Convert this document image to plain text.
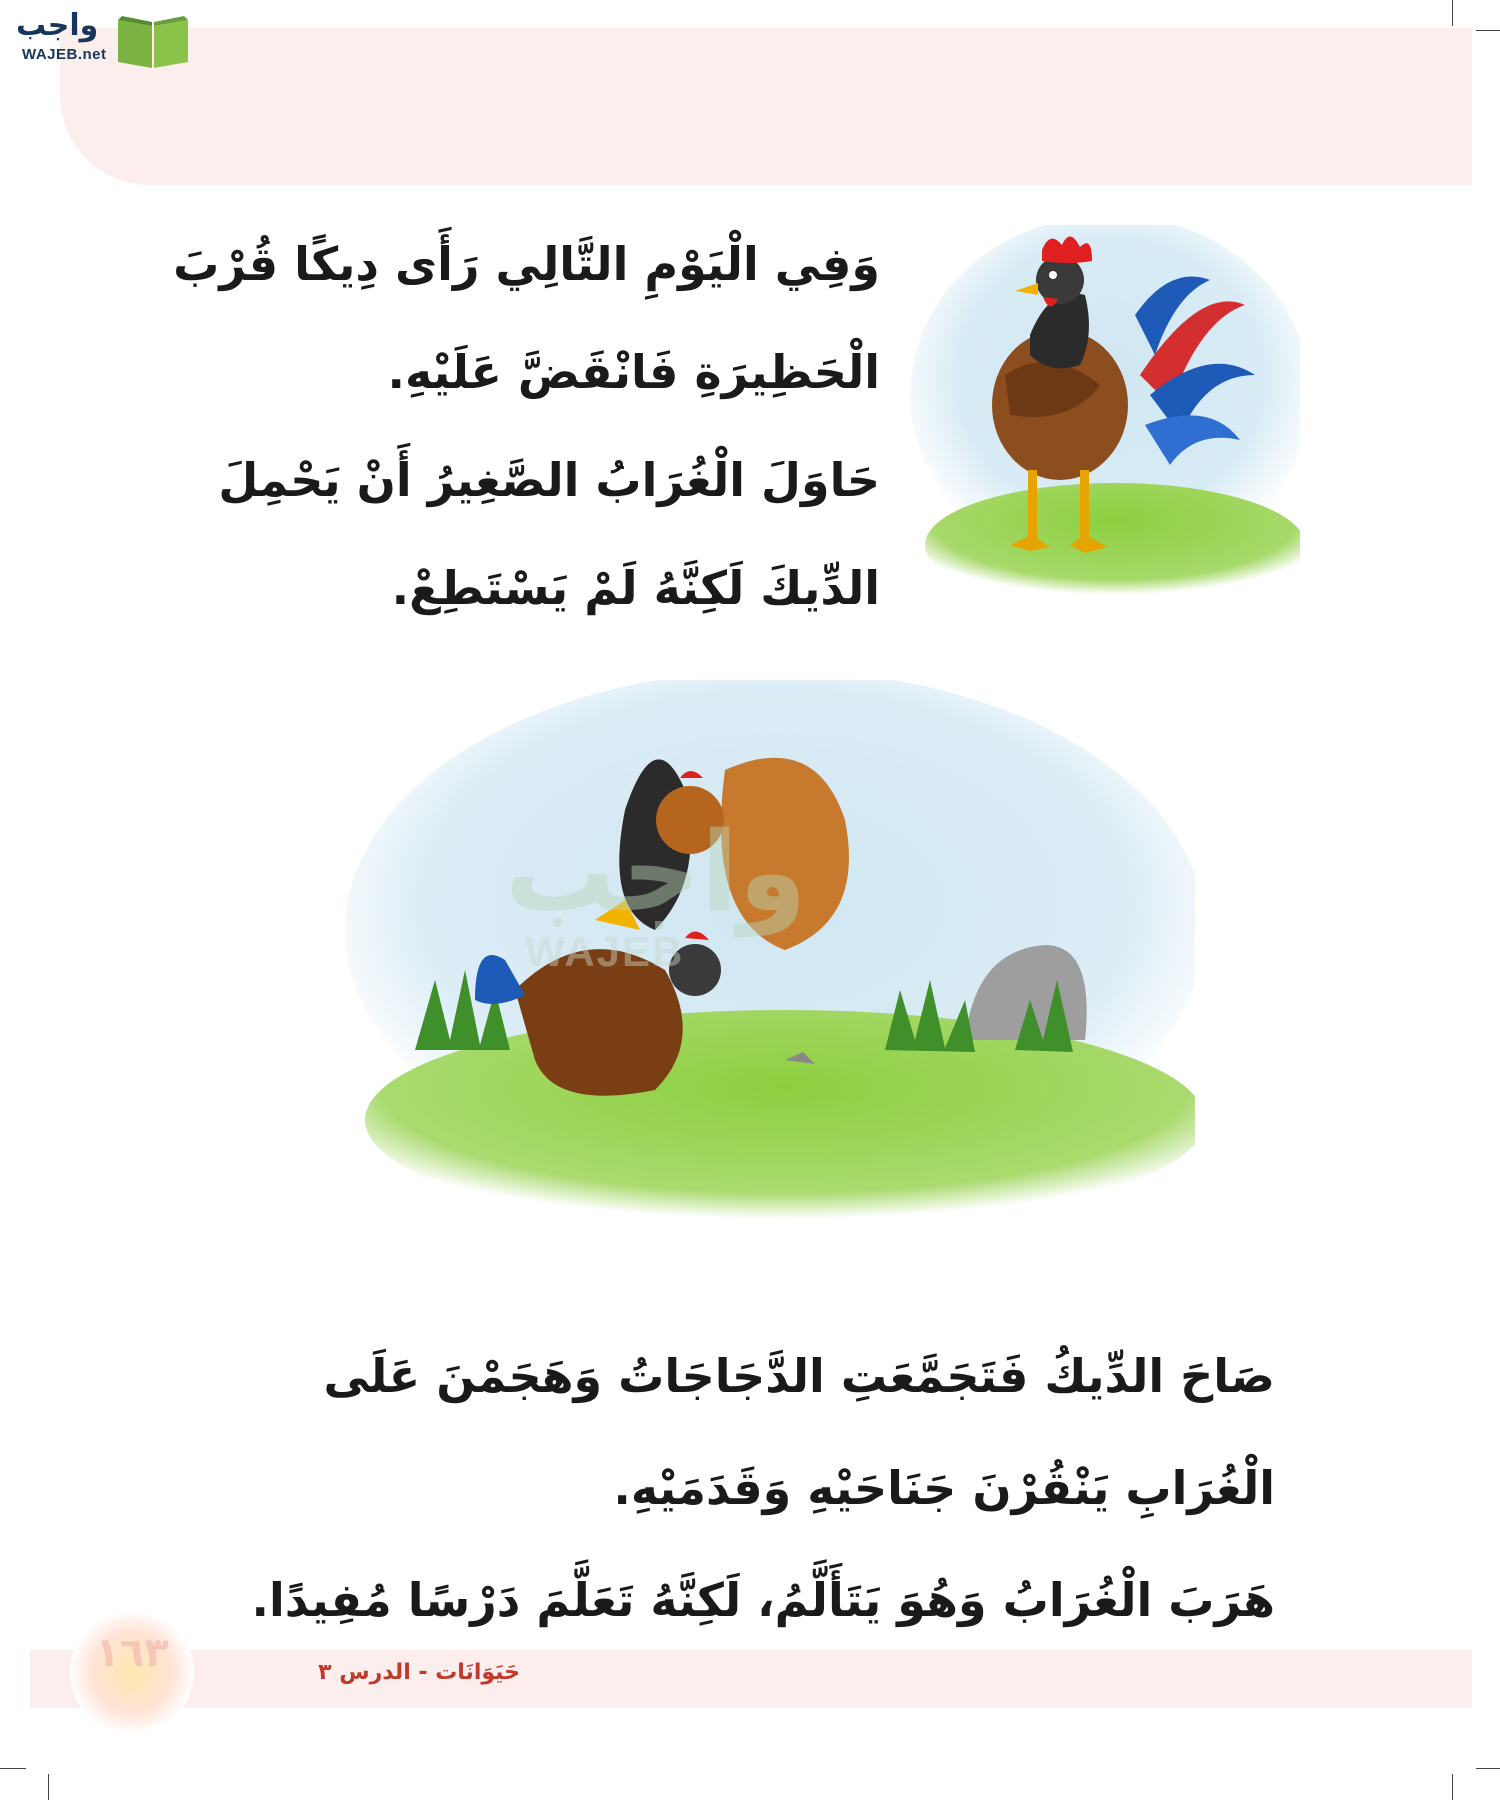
واجب
WAJEB.net
وَفِي الْيَوْمِ التَّالِي رَأَى دِيكًا قُرْبَ
الْحَظِيرَةِ فَانْقَضَّ عَلَيْهِ.
حَاوَلَ الْغُرَابُ الصَّغِيرُ أَنْ يَحْمِلَ
الدِّيكَ لَكِنَّهُ لَمْ يَسْتَطِعْ.
واجب
WAJEB
صَاحَ الدِّيكُ فَتَجَمَّعَتِ الدَّجَاجَاتُ وَهَجَمْنَ عَلَى
الْغُرَابِ يَنْقُرْنَ جَنَاحَيْهِ وَقَدَمَيْهِ.
هَرَبَ الْغُرَابُ وَهُوَ يَتَأَلَّمُ، لَكِنَّهُ تَعَلَّمَ دَرْسًا مُفِيدًا.
١٦٣	حَيَوَانَات - الدرس ٣
